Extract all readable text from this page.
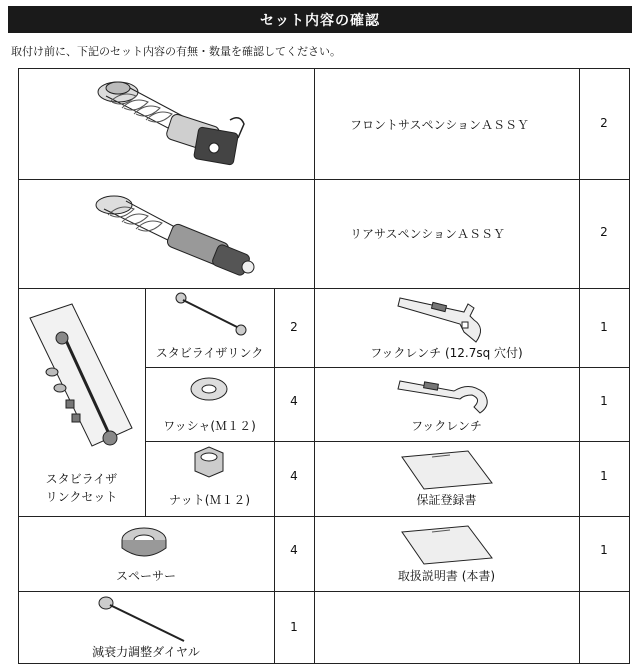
セット内容の確認
取付け前に、下記のセット内容の有無・数量を確認してください。
フロントサスペンションＡＳＳＹ	2
リアサスペンションＡＳＳＹ	2
スタビライザ
リンクセット
スタビライザリンク
2
ワッシャ(Ｍ１２)
4
ナット(Ｍ１２)
4
フックレンチ (12.7sq 穴付)
1
フックレンチ
1
保証登録書
1
スペーサー
4
取扱説明書 (本書)
1
減衰力調整ダイヤル
1
